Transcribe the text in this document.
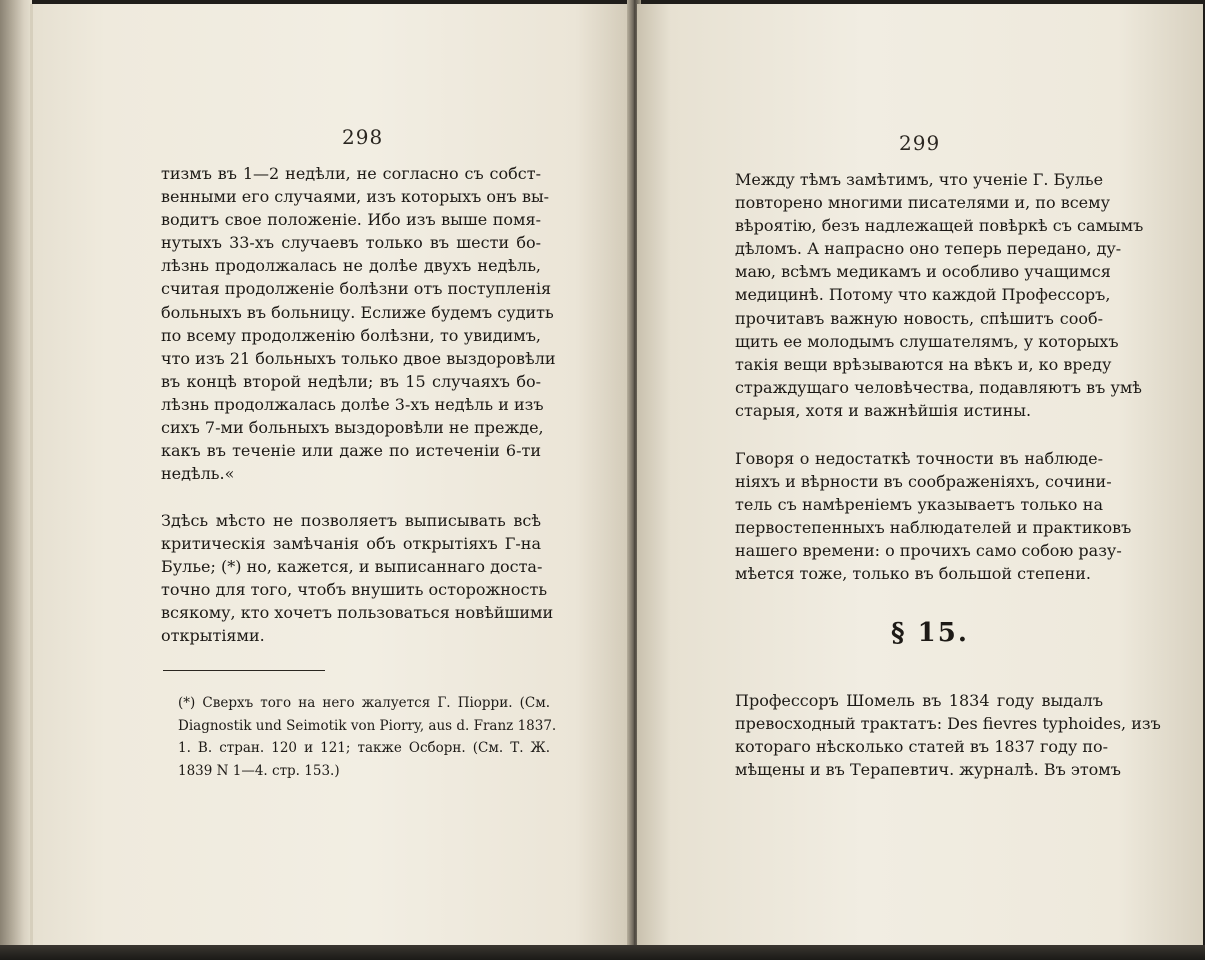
298
тизмъ въ 1—2 недѣли, не согласно съ собст-
венными его случаями, изъ которыхъ онъ вы-
водитъ свое положеніе. Ибо изъ выше помя-
нутыхъ 33-хъ случаевъ только въ шести бо-
лѣзнь продолжалась не долѣе двухъ недѣль,
считая продолженіе болѣзни отъ поступленія
больныхъ въ больницу. Еслиже будемъ судить
по всему продолженію болѣзни, то увидимъ,
что изъ 21 больныхъ только двое выздоровѣли
въ концѣ второй недѣли; въ 15 случаяхъ бо-
лѣзнь продолжалась долѣе 3-хъ недѣль и изъ
сихъ 7-ми больныхъ выздоровѣли не прежде,
какъ въ теченіе или даже по истеченіи 6-ти
недѣль.«
Здѣсь мѣсто не позволяетъ выписывать всѣ
критическія замѣчанія объ открытіяхъ Г-на
Булье; (*) но, кажется, и выписаннаго доста-
точно для того, чтобъ внушить осторожность
всякому, кто хочетъ пользоваться новѣйшими
открытіями.
(*) Сверхъ того на него жалуется Г. Піорри. (См.
Diagnostik und Seimotik von Piorry, aus d. Franz 1837.
1. В. стран. 120 и 121; также Осборн. (См. Т. Ж.
1839 N 1—4. стр. 153.)
299
Между тѣмъ замѣтимъ, что ученіе Г. Булье
повторено многими писателями и, по всему
вѣроятію, безъ надлежащей повѣркѣ съ самымъ
дѣломъ. А напрасно оно теперь передано, ду-
маю, всѣмъ медикамъ и особливо учащимся
медицинѣ. Потому что каждой Профессоръ,
прочитавъ важную новость, спѣшитъ сооб-
щить ее молодымъ слушателямъ, у которыхъ
такія вещи врѣзываются на вѣкъ и, ко вреду
страждущаго человѣчества, подавляютъ въ умѣ
старыя, хотя и важнѣйшія истины.
Говоря о недостаткѣ точности въ наблюде-
ніяхъ и вѣрности въ соображеніяхъ, сочини-
тель съ намѣреніемъ указываетъ только на
первостепенныхъ наблюдателей и практиковъ
нашего времени: о прочихъ само собою разу-
мѣется тоже, только въ большой степени.
§ 15.
Профессоръ Шомель въ 1834 году выдалъ
превосходный трактатъ: Des fievres typhoides, изъ
котораго нѣсколько статей въ 1837 году по-
мѣщены и въ Терапевтич. журналѣ. Въ этомъ
